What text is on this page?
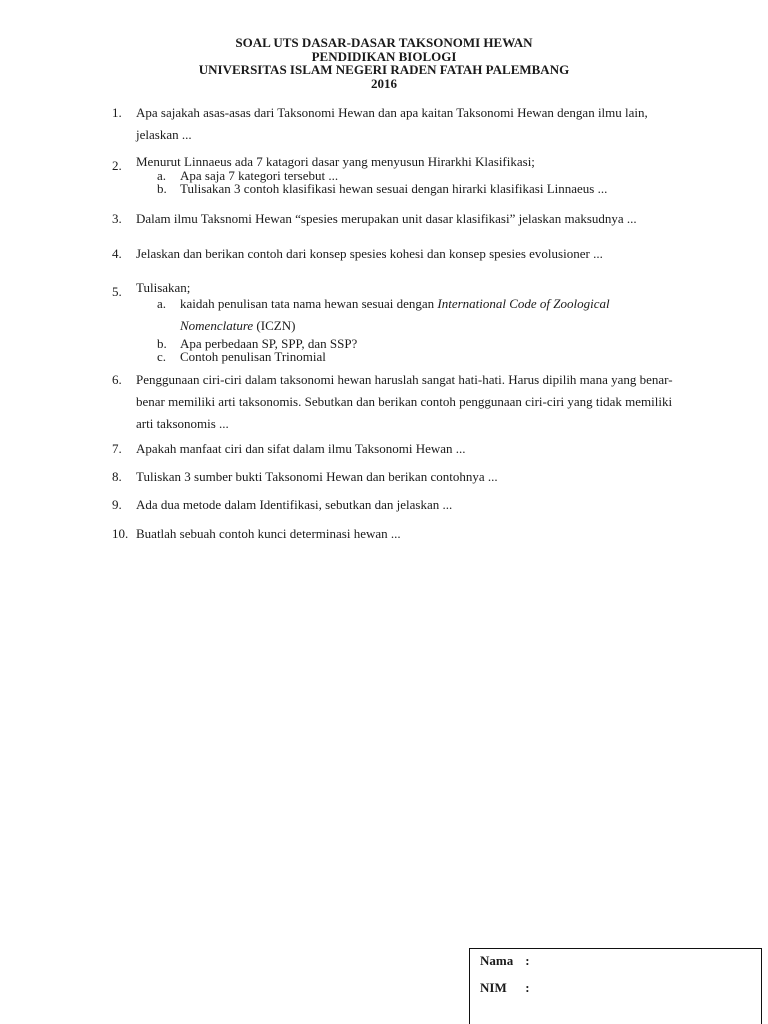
SOAL UTS DASAR-DASAR TAKSONOMI HEWAN
PENDIDIKAN BIOLOGI
UNIVERSITAS ISLAM NEGERI RADEN FATAH PALEMBANG
2016
1.	Apa sajakah asas-asas dari Taksonomi Hewan dan apa kaitan Taksonomi Hewan dengan ilmu lain, jelaskan ...
2.	Menurut Linnaeus ada 7 katagori dasar yang menyusun Hirarkhi Klasifikasi;
a. Apa saja 7 kategori tersebut ...
b. Tulisakan 3 contoh klasifikasi hewan sesuai dengan hirarki klasifikasi Linnaeus ...
3.	Dalam ilmu Taksnomi Hewan “spesies merupakan unit dasar klasifikasi” jelaskan maksudnya ...
4.	Jelaskan dan berikan contoh dari konsep spesies kohesi dan konsep spesies evolusioner ...
5.	Tulisakan;
a. kaidah penulisan tata nama hewan sesuai dengan International Code of Zoological Nomenclature (ICZN)
b. Apa perbedaan SP, SPP, dan SSP?
c. Contoh penulisan Trinomial
6.	Penggunaan ciri-ciri dalam taksonomi hewan haruslah sangat hati-hati. Harus dipilih mana yang benar-benar memiliki arti taksonomis. Sebutkan dan berikan contoh penggunaan ciri-ciri yang tidak memiliki arti taksonomis ...
7.	Apakah manfaat ciri dan sifat dalam ilmu Taksonomi Hewan ...
8.	Tuliskan 3 sumber bukti Taksonomi Hewan dan berikan contohnya ...
9.	Ada dua metode dalam Identifikasi, sebutkan dan jelaskan ...
10. Buatlah sebuah contoh kunci determinasi hewan ...
Nama :
NIM :
